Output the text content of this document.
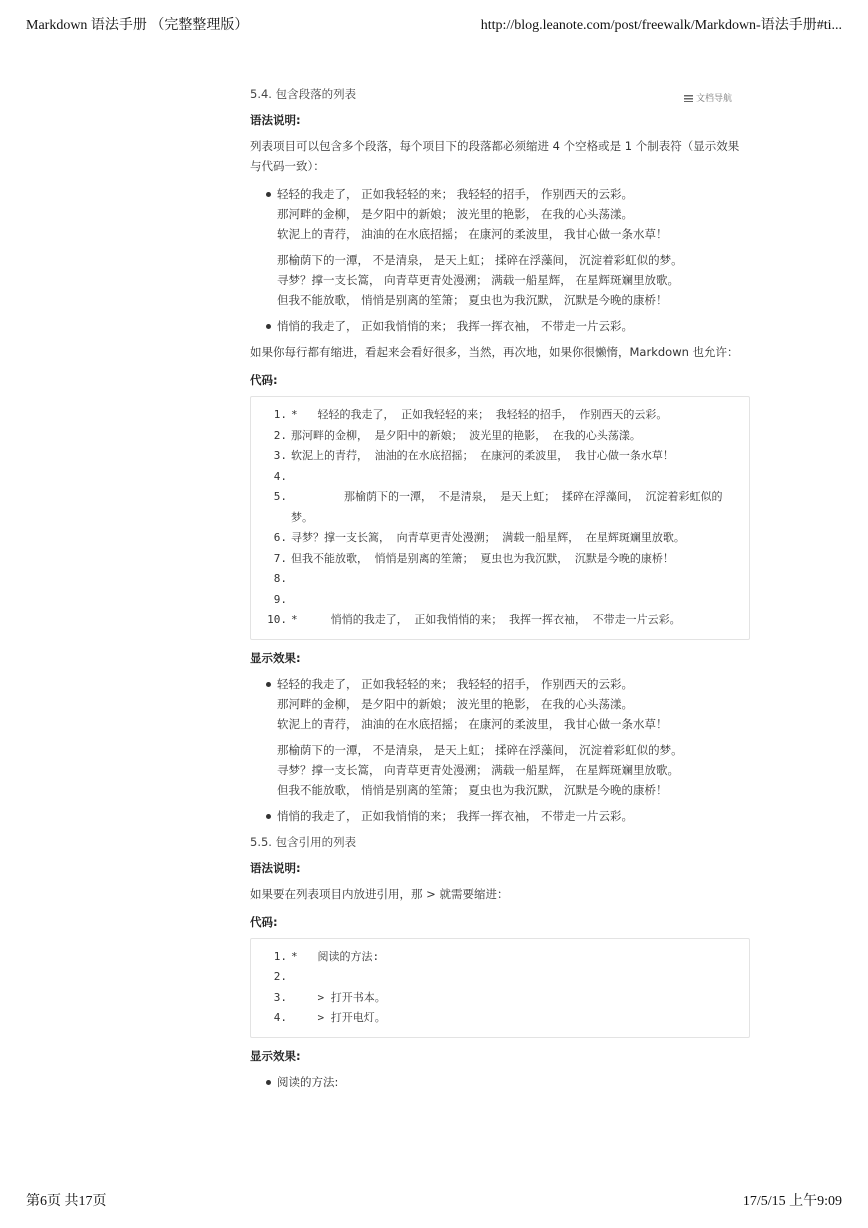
Markdown 语法手册 （完整整理版）	http://blog.leanote.com/post/freewalk/Markdown-语法手册#ti...
文档导航
5.4. 包含段落的列表
语法说明:

列表项目可以包含多个段落，每个项目下的段落都必须缩进 4 个空格或是 1 个制表符（显示效果与代码一致）：

轻轻的我走了， 正如我轻轻的来； 我轻轻的招手， 作别西天的云彩。
那河畔的金柳， 是夕阳中的新娘； 波光里的艳影， 在我的心头荡漾。
软泥上的青荇， 油油的在水底招摇； 在康河的柔波里， 我甘心做一条水草！
那榆荫下的一潭， 不是清泉， 是天上虹； 揉碎在浮藻间， 沉淀着彩虹似的梦。
寻梦？撑一支长篙， 向青草更青处漫溯； 满载一船星辉， 在星辉斑斓里放歌。
但我不能放歌， 悄悄是别离的笙箫； 夏虫也为我沉默， 沉默是今晚的康桥！
悄悄的我走了， 正如我悄悄的来； 我挥一挥衣袖， 不带走一片云彩。

如果你每行都有缩进，看起来会看好很多，当然，再次地，如果你很懒惰，Markdown 也允许：

代码:
1. *   轻轻的我走了， 正如我轻轻的来； 我轻轻的招手， 作别西天的云彩。
2. 那河畔的金柳， 是夕阳中的新娘； 波光里的艳影， 在我的心头荡漾。
3. 软泥上的青荇， 油油的在水底招摇； 在康河的柔波里， 我甘心做一条水草！
4.
5. 那榆荫下的一潭， 不是清泉， 是天上虹； 揉碎在浮藻间， 沉淀着彩虹似的梦。
6. 寻梦？撑一支长篙， 向青草更青处漫溯； 满载一船星辉， 在星辉斑斓里放歌。
7. 但我不能放歌， 悄悄是别离的笙箫； 夏虫也为我沉默， 沉默是今晚的康桥！
8.
9.
10. *     悄悄的我走了， 正如我悄悄的来； 我挥一挥衣袖， 不带走一片云彩。
显示效果:
轻轻的我走了， 正如我轻轻的来； 我轻轻的招手， 作别西天的云彩。
那河畔的金柳， 是夕阳中的新娘； 波光里的艳影， 在我的心头荡漾。
软泥上的青荇， 油油的在水底招摇； 在康河的柔波里， 我甘心做一条水草！
那榆荫下的一潭， 不是清泉， 是天上虹； 揉碎在浮藻间， 沉淀着彩虹似的梦。
寻梦？撑一支长篙， 向青草更青处漫溯； 满载一船星辉， 在星辉斑斓里放歌。
但我不能放歌， 悄悄是别离的笙箫； 夏虫也为我沉默， 沉默是今晚的康桥！
悄悄的我走了， 正如我悄悄的来； 我挥一挥衣袖， 不带走一片云彩。
5.5. 包含引用的列表
语法说明:

如果要在列表项目内放进引用，那 > 就需要缩进：

代码:
1. *   阅读的方法:
2.
3. > 打开书本。
4. > 打开电灯。
显示效果:
阅读的方法:
第6页 共17页	17/5/15 上午9:09
